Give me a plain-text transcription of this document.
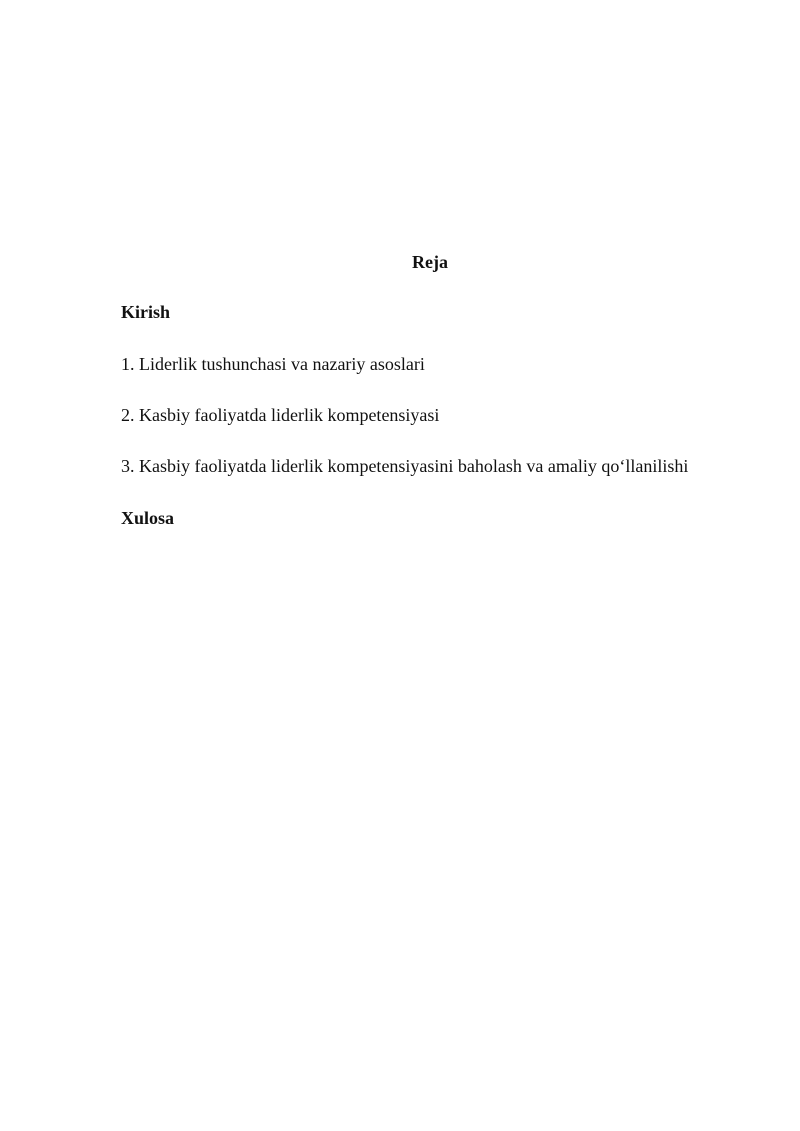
Reja
Kirish
1. Liderlik tushunchasi va nazariy asoslari
2. Kasbiy faoliyatda liderlik kompetensiyasi
3. Kasbiy faoliyatda liderlik kompetensiyasini baholash va amaliy qo‘llanilishi
Xulosa
